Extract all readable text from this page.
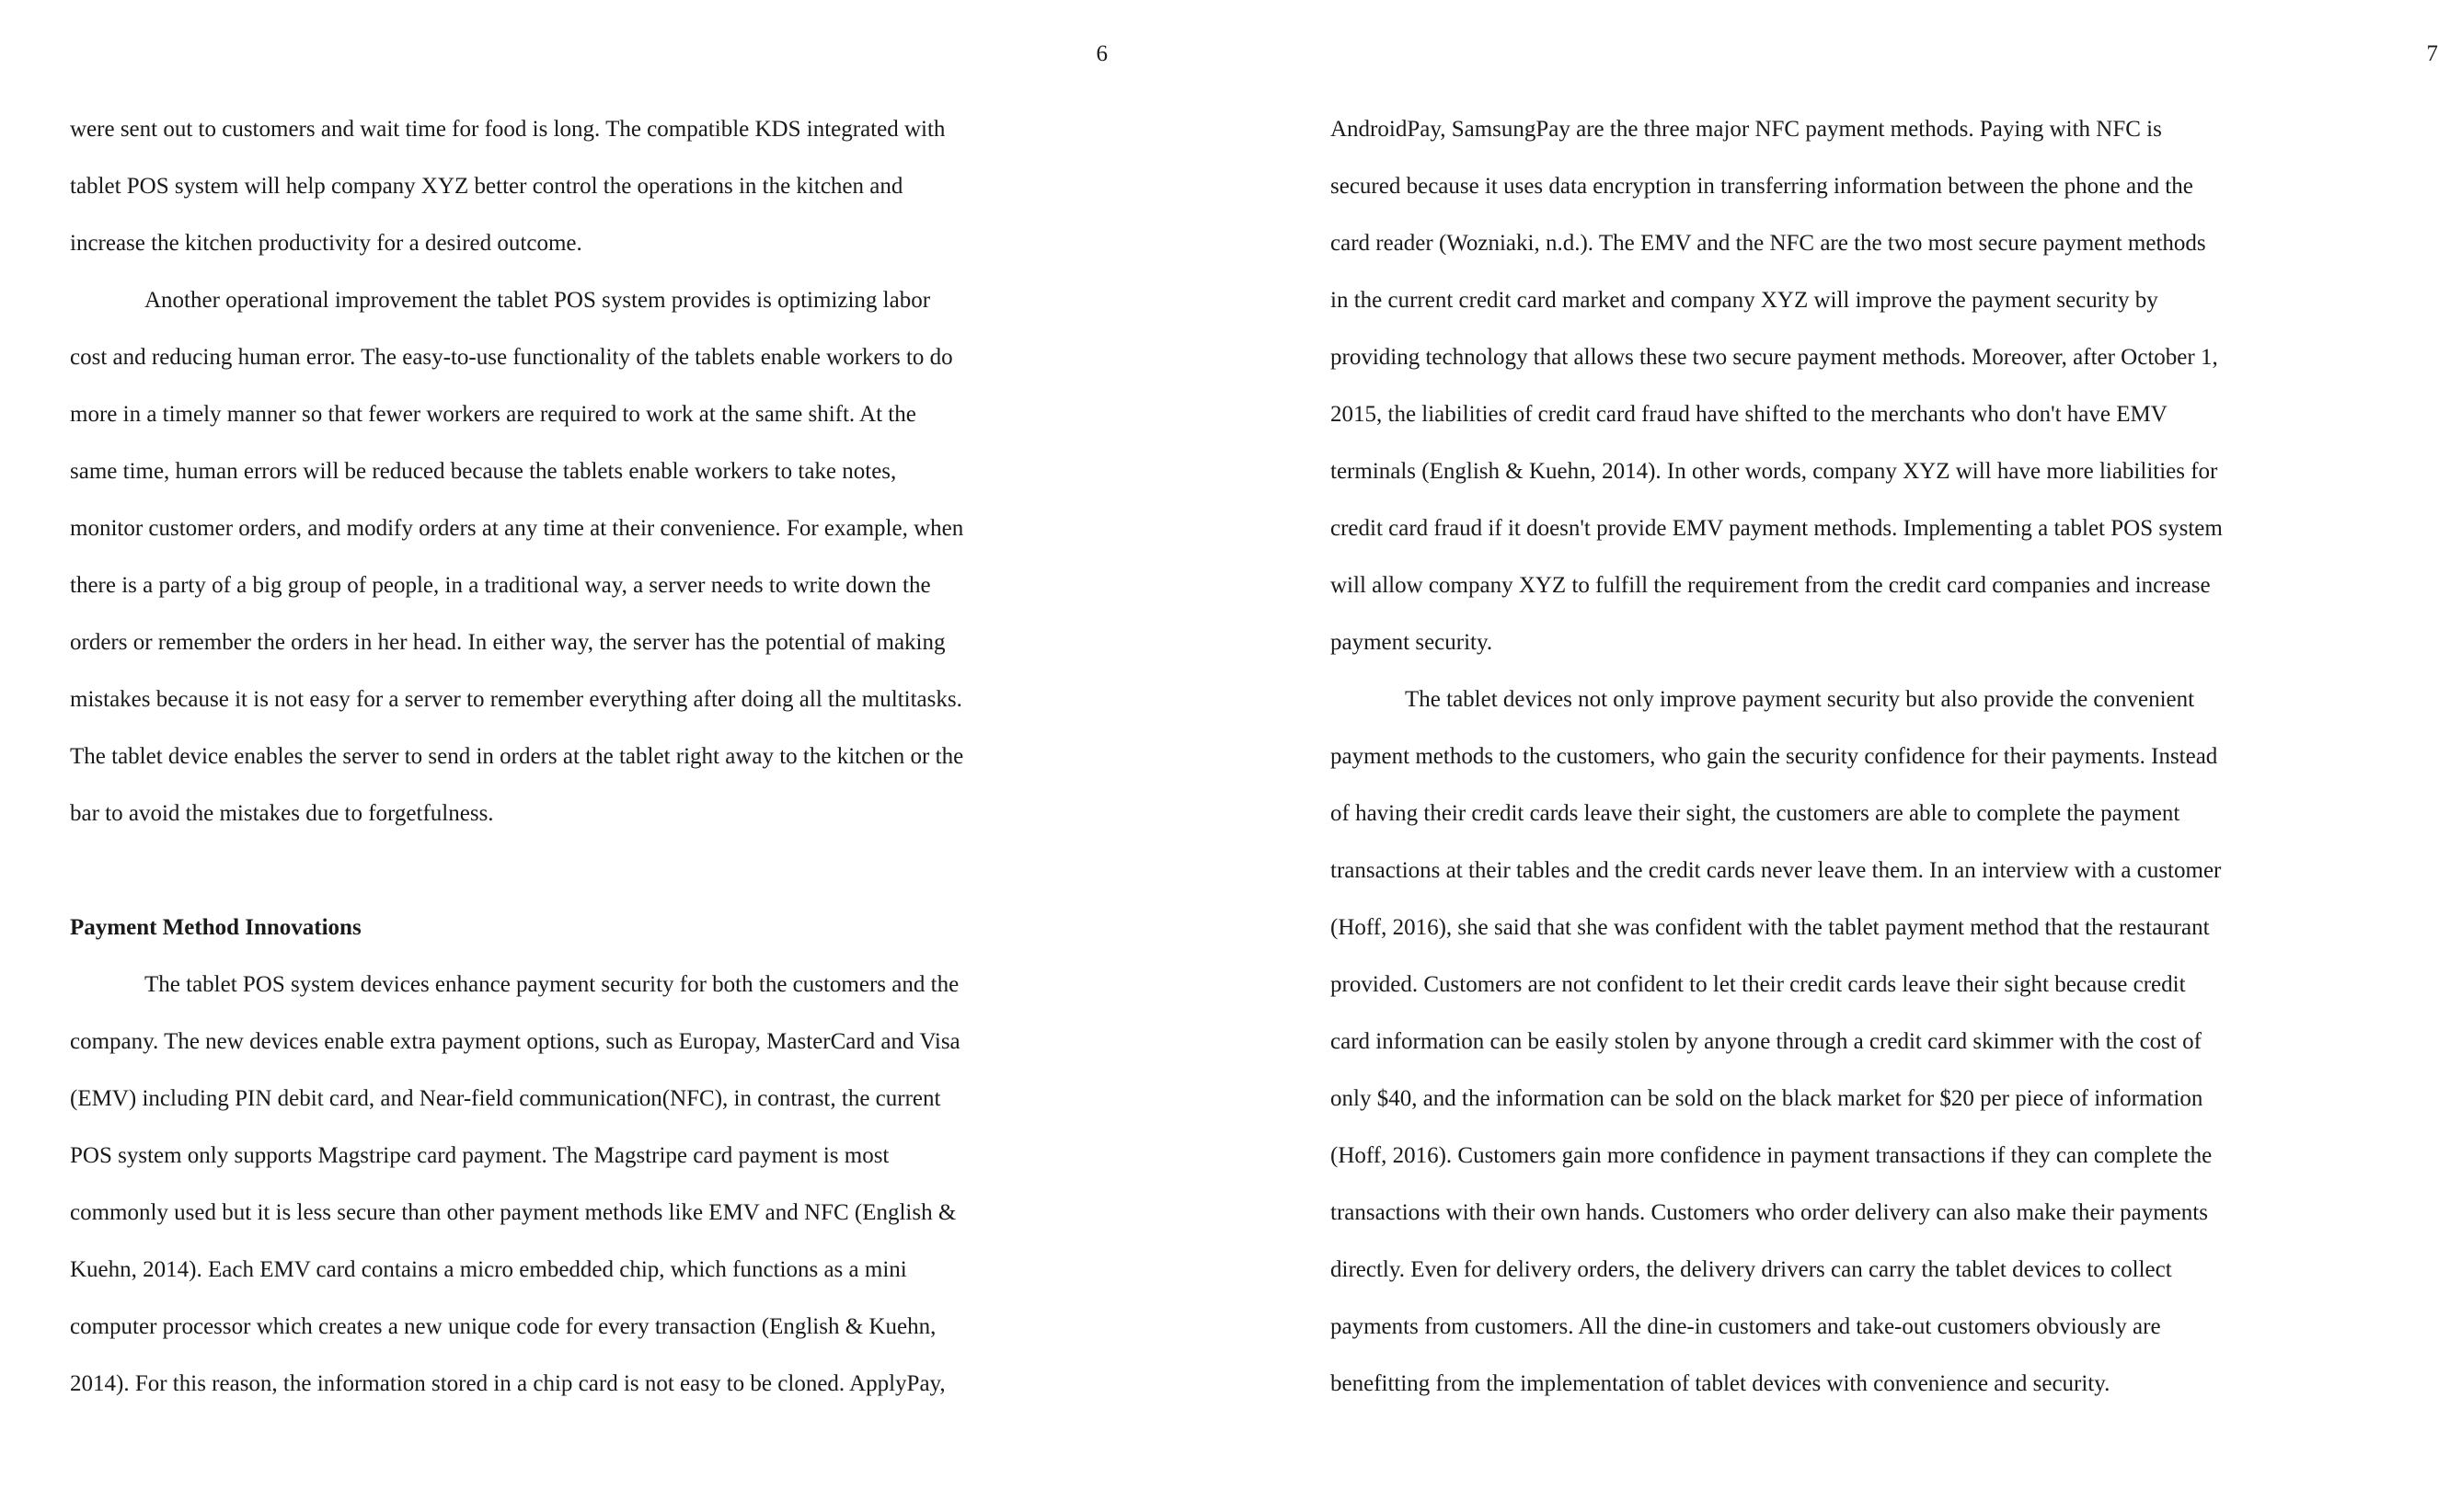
6
were sent out to customers and wait time for food is long. The compatible KDS integrated with
tablet POS system will help company XYZ better control the operations in the kitchen and
increase the kitchen productivity for a desired outcome.
Another operational improvement the tablet POS system provides is optimizing labor
cost and reducing human error. The easy-to-use functionality of the tablets enable workers to do
more in a timely manner so that fewer workers are required to work at the same shift. At the
same time, human errors will be reduced because the tablets enable workers to take notes,
monitor customer orders, and modify orders at any time at their convenience. For example, when
there is a party of a big group of people, in a traditional way, a server needs to write down the
orders or remember the orders in her head. In either way, the server has the potential of making
mistakes because it is not easy for a server to remember everything after doing all the multitasks.
The tablet device enables the server to send in orders at the tablet right away to the kitchen or the
bar to avoid the mistakes due to forgetfulness.
Payment Method Innovations
The tablet POS system devices enhance payment security for both the customers and the
company. The new devices enable extra payment options, such as Europay, MasterCard and Visa
(EMV) including PIN debit card, and Near-field communication(NFC), in contrast, the current
POS system only supports Magstripe card payment. The Magstripe card payment is most
commonly used but it is less secure than other payment methods like EMV and NFC (English &
Kuehn, 2014). Each EMV card contains a micro embedded chip, which functions as a mini
computer processor which creates a new unique code for every transaction (English & Kuehn,
2014). For this reason, the information stored in a chip card is not easy to be cloned. ApplyPay,
7
AndroidPay, SamsungPay are the three major NFC payment methods. Paying with NFC is
secured because it uses data encryption in transferring information between the phone and the
card reader (Wozniaki, n.d.). The EMV and the NFC are the two most secure payment methods
in the current credit card market and company XYZ will improve the payment security by
providing technology that allows these two secure payment methods. Moreover, after October 1,
2015, the liabilities of credit card fraud have shifted to the merchants who don't have EMV
terminals (English & Kuehn, 2014). In other words, company XYZ will have more liabilities for
credit card fraud if it doesn't provide EMV payment methods. Implementing a tablet POS system
will allow company XYZ to fulfill the requirement from the credit card companies and increase
payment security.
The tablet devices not only improve payment security but also provide the convenient
payment methods to the customers, who gain the security confidence for their payments. Instead
of having their credit cards leave their sight, the customers are able to complete the payment
transactions at their tables and the credit cards never leave them. In an interview with a customer
(Hoff, 2016), she said that she was confident with the tablet payment method that the restaurant
provided. Customers are not confident to let their credit cards leave their sight because credit
card information can be easily stolen by anyone through a credit card skimmer with the cost of
only $40, and the information can be sold on the black market for $20 per piece of information
(Hoff, 2016). Customers gain more confidence in payment transactions if they can complete the
transactions with their own hands. Customers who order delivery can also make their payments
directly. Even for delivery orders, the delivery drivers can carry the tablet devices to collect
payments from customers. All the dine-in customers and take-out customers obviously are
benefitting from the implementation of tablet devices with convenience and security.
